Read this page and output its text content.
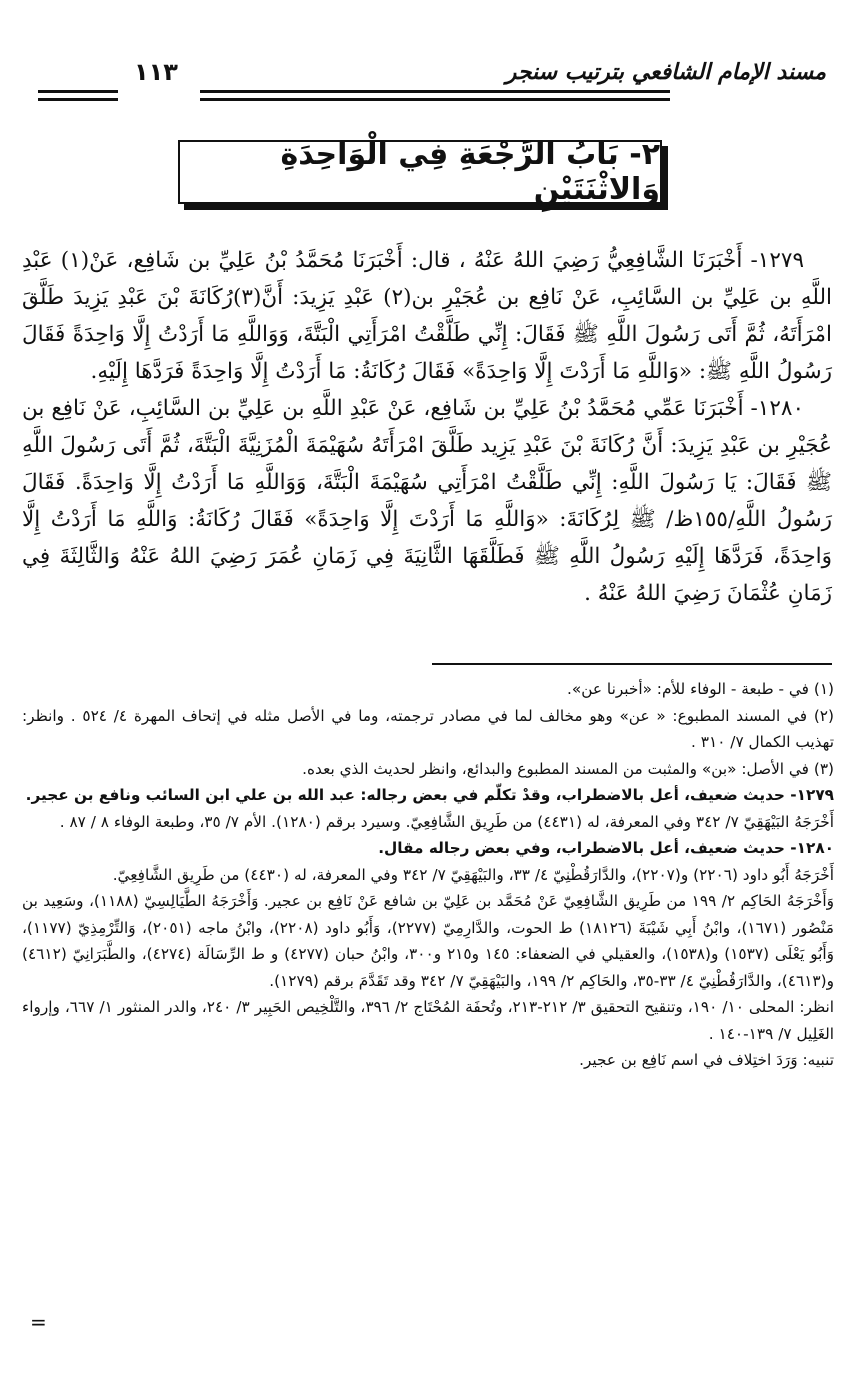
مسند الإمام الشافعي بترتيب سنجر
١١٣
٢- بَابُ الرَّجْعَةِ فِي الْوَاحِدَةِ وَالاثْنَتَيْنِ

١٢٧٩- أَخْبَرَنَا الشَّافِعِيُّ رَضِيَ اللهُ عَنْهُ ، قال: أَخْبَرَنَا مُحَمَّدُ بْنُ عَلِيِّ بن شَافِع، عَنْ(١) عَبْدِ اللَّهِ بن عَلِيِّ بن السَّائِبِ، عَنْ نَافِع بن عُجَيْرِ بن(٢) عَبْدِ يَزِيدَ: أَنَّ(٣)رُكَانَةَ بْنَ عَبْدِ يَزِيدَ طَلَّقَ امْرَأَتَهُ، ثُمَّ أَتَى رَسُولَ اللَّهِ ﷺ فَقَالَ: إِنِّي طَلَّقْتُ امْرَأَتِي الْبَتَّةَ، وَوَاللَّهِ مَا أَرَدْتُ إِلَّا وَاحِدَةً فَقَالَ رَسُولُ اللَّهِ ﷺ: «وَاللَّهِ مَا أَرَدْتَ إِلَّا وَاحِدَةً» فَقَالَ رُكَانَةُ: مَا أَرَدْتُ إِلَّا وَاحِدَةً فَرَدَّهَا إِلَيْهِ.

١٢٨٠- أَخْبَرَنَا عَمِّي مُحَمَّدُ بْنُ عَلِيِّ بن شَافِع، عَنْ عَبْدِ اللَّهِ بن عَلِيِّ بن السَّائِبِ، عَنْ نَافِع بن عُجَيْرِ بن عَبْدِ يَزِيدَ: أَنَّ رُكَانَةَ بْنَ عَبْدِ يَزِيد طَلَّقَ امْرَأَتَهُ سُهَيْمَةَ الْمُزَنِيَّةَ الْبَتَّةَ، ثُمَّ أَتَى رَسُولَ اللَّهِ ﷺ فَقَالَ: يَا رَسُولَ اللَّهِ: إِنِّي طَلَّقْتُ امْرَأَتِي سُهَيْمَةَ الْبَتَّةَ، وَوَاللَّهِ مَا أَرَدْتُ إِلَّا وَاحِدَةً. فَقَالَ رَسُولُ اللَّهِ/١٥٥ظ/ ﷺ لِرُكَانَةَ: «وَاللَّهِ مَا أَرَدْتَ إِلَّا وَاحِدَةً» فَقَالَ رُكَانَةُ: وَاللَّهِ مَا أَرَدْتُ إِلَّا وَاحِدَةً، فَرَدَّهَا إِلَيْهِ رَسُولُ اللَّهِ ﷺ فَطَلَّقَهَا الثَّانِيَةَ فِي زَمَانِ عُمَرَ رَضِيَ اللهُ عَنْهُ وَالثَّالِثَةَ فِي زَمَانِ عُثْمَانَ رَضِيَ اللهُ عَنْهُ .

(١) في - طبعة - الوفاء للأم: «أخبرنا عن».

(٢) في المسند المطبوع: « عن» وهو مخالف لما في مصادر ترجمته، وما في الأصل مثله في إتحاف المهرة ٤/ ٥٢٤ . وانظر: تهذيب الكمال ٧/ ٣١٠ .

(٣) في الأصل: «بن» والمثبت من المسند المطبوع والبدائع، وانظر لحديث الذي بعده.

١٢٧٩- حديث ضعيف، أعل بالاضطراب، وقدْ تكلّم في بعض رجاله: عبد الله بن علي ابن السائب ونافع بن عجير.

أَخْرَجَهُ البَيْهَقِيّ ٧/ ٣٤٢ وفي المعرفة، له (٤٤٣١) من طَرِيق الشَّافِعِيّ. وسيرد برقم (١٢٨٠). الأم ٧/ ٣٥، وطبعة الوفاء ٨ / ٨٧ .

١٢٨٠- حديث ضعيف، أعل بالاضطراب، وفي بعض رجاله مقال.

أَخْرَجَهُ أَبُو داود (٢٢٠٦) و(٢٢٠٧)، والدَّارَقُطْنِيّ ٤/ ٣٣، والبَيْهَقِيّ ٧/ ٣٤٢ وفي المعرفة، له (٤٤٣٠) من طَرِيق الشَّافِعِيّ.

وَأَخْرَجَهُ الحَاكِم ٢/ ١٩٩ من طَرِيق الشَّافِعِيّ عَنْ مُحَمَّد بن عَلِيّ بن شافع عَنْ نَافِع بن عجير. وَأَخْرَجَهُ الطَّيَالِسِيّ (١١٨٨)، وسَعِيد بن مَنْصُور (١٦٧١)، وابْنُ أَبِي شَيْبَةَ (١٨١٢٦) ط الحوت، والدَّارِمِيّ (٢٢٧٧)، وَأَبُو داود (٢٢٠٨)، وابْنُ ماجه (٢٠٥١)، وَالتِّرْمِذِيّ (١١٧٧)، وَأَبُو يَعْلَى (١٥٣٧) و(١٥٣٨)، والعقيلي في الضعفاء: ١٤٥ و٢١٥ و٣٠٠، وابْنُ حبان (٤٢٧٧) و ط الرِّسَالَة (٤٢٧٤)، والطَّبَرَانِيّ (٤٦١٢) و(٤٦١٣)، والدَّارَقُطْنِيّ ٤/ ٣٣-٣٥، والحَاكِم ٢/ ١٩٩، والبَيْهَقِيّ ٧/ ٣٤٢ وقد تَقَدَّمَ برقم (١٢٧٩).

انظر: المحلى ١٠/ ١٩٠، وتنقيح التحقيق ٣/ ٢١٢-٢١٣، وتُحفَة المُحْتَاج ٢/ ٣٩٦، والتَّلْخِيص الحَبِير ٣/ ٢٤٠، والدر المنثور ١/ ٦٦٧، وإرواء الغَلِيل ٧/ ١٣٩-١٤٠ .

تنبيه: وَرَدَ اختِلاف في اسم نَافِع بن عجير.

=
